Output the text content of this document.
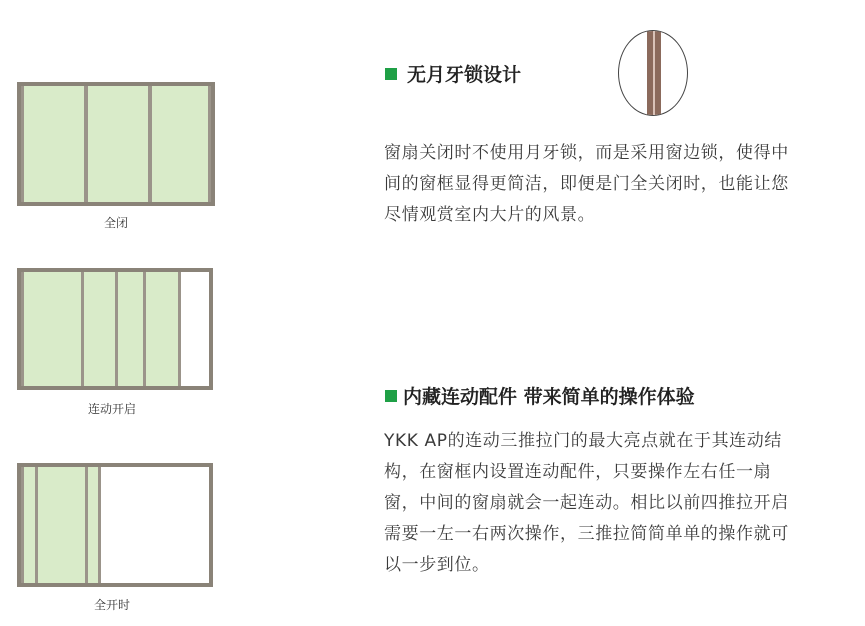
全闭
连动开启
全开时
无月牙锁设计
窗扇关闭时不使用月牙锁，而是采用窗边锁，使得中
间的窗框显得更简洁，即便是门全关闭时，也能让您
尽情观赏室内大片的风景。
内藏连动配件 带来简单的操作体验
YKK AP的连动三推拉门的最大亮点就在于其连动结
构，在窗框内设置连动配件，只要操作左右任一扇
窗，中间的窗扇就会一起连动。相比以前四推拉开启
需要一左一右两次操作，三推拉简简单单的操作就可
以一步到位。
